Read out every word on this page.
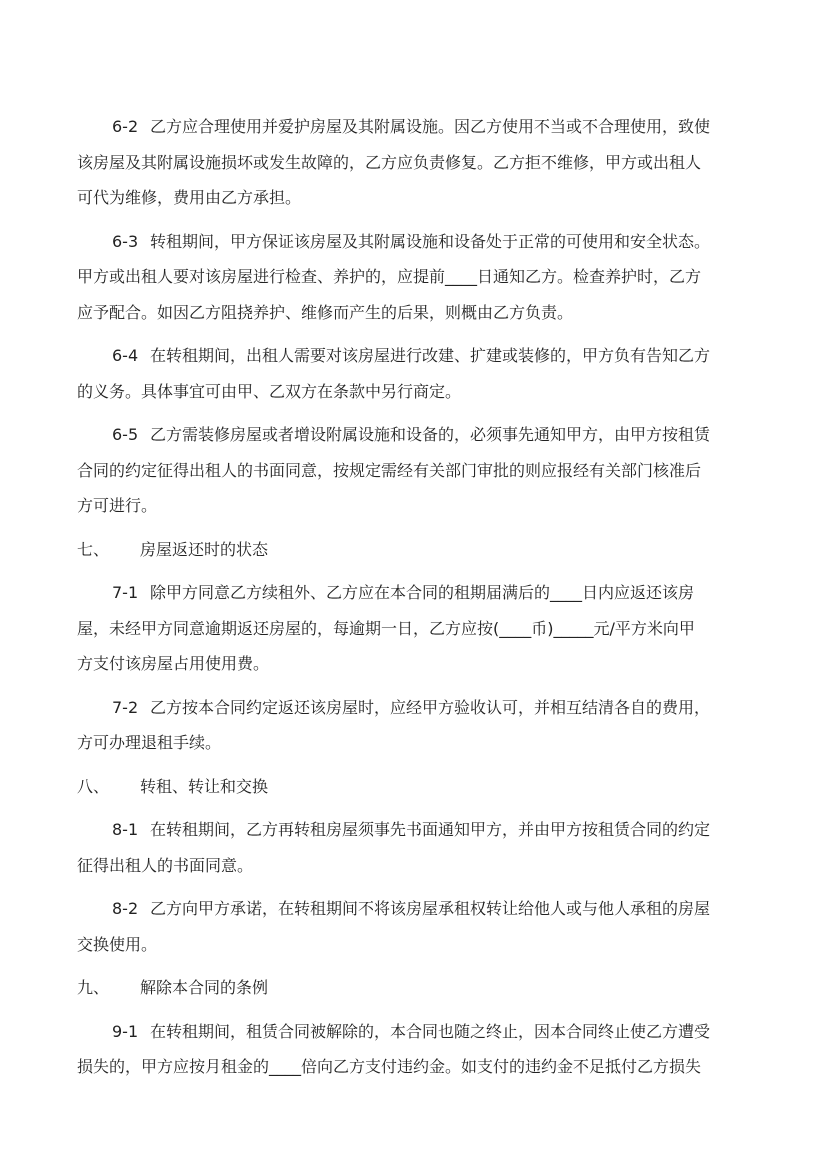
6-2 乙方应合理使用并爱护房屋及其附属设施。因乙方使用不当或不合理使用，致使
该房屋及其附属设施损坏或发生故障的，乙方应负责修复。乙方拒不维修，甲方或出租人
可代为维修，费用由乙方承担。
6-3 转租期间，甲方保证该房屋及其附属设施和设备处于正常的可使用和安全状态。
甲方或出租人要对该房屋进行检查、养护的，应提前____日通知乙方。检查养护时，乙方
应予配合。如因乙方阻挠养护、维修而产生的后果，则概由乙方负责。
6-4 在转租期间，出租人需要对该房屋进行改建、扩建或装修的，甲方负有告知乙方
的义务。具体事宜可由甲、乙双方在条款中另行商定。
6-5 乙方需装修房屋或者增设附属设施和设备的，必须事先通知甲方，由甲方按租赁
合同的约定征得出租人的书面同意，按规定需经有关部门审批的则应报经有关部门核准后
方可进行。
七、 房屋返还时的状态
7-1 除甲方同意乙方续租外、乙方应在本合同的租期届满后的____日内应返还该房
屋，未经甲方同意逾期返还房屋的，每逾期一日，乙方应按(____币)_____元/平方米向甲
方支付该房屋占用使用费。
7-2 乙方按本合同约定返还该房屋时，应经甲方验收认可，并相互结清各自的费用，
方可办理退租手续。
八、 转租、转让和交换
8-1 在转租期间，乙方再转租房屋须事先书面通知甲方，并由甲方按租赁合同的约定
征得出租人的书面同意。
8-2 乙方向甲方承诺，在转租期间不将该房屋承租权转让给他人或与他人承租的房屋
交换使用。
九、 解除本合同的条例
9-1 在转租期间，租赁合同被解除的，本合同也随之终止，因本合同终止使乙方遭受
损失的，甲方应按月租金的____倍向乙方支付违约金。如支付的违约金不足抵付乙方损失
